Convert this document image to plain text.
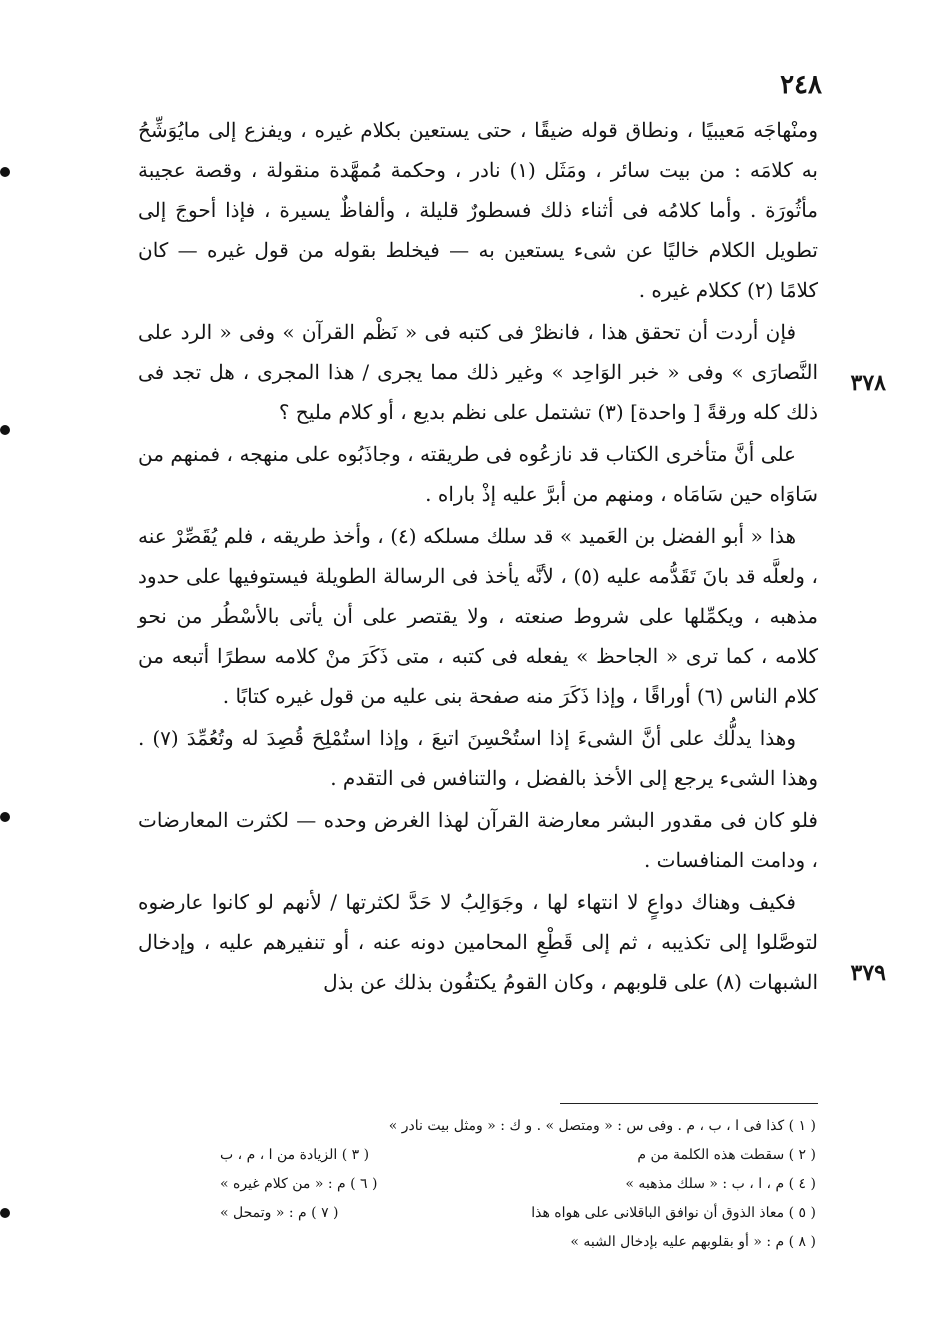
٢٤٨

ومنْهاجَه مَعيبيًا ، ونطاق قوله ضيقًا ، حتى يستعين بكلام غيره ، ويفزع إلى مايُوَشِّحُ به كلامَه : من بيت سائر ، ومَثَل (١) نادر ، وحكمة مُمهَّدة منقولة ، وقصة عجيبة مأثُورَة . وأما كلامُه فى أثناء ذلك فسطورٌ قليلة ، وألفاظٌ يسيرة ، فإذا أحوجَ إلى تطويل الكلام خاليًا عن شىء يستعين به — فيخلط بقوله من قول غيره — كان كلامًا (٢) ككلام غيره .

فإن أردت أن تحقق هذا ، فانظرْ فى كتبه فى « نَظْم القرآن » وفى « الرد على النَّصارَى » وفى « خبر الوَاحِد » وغير ذلك مما يجرى / هذا المجرى ، هل تجد فى ذلك كله ورقةً [ واحدة] (٣) تشتمل على نظم بديع ، أو كلام مليح ؟

على أنَّ متأخرى الكتاب قد نازعُوه فى طريقته ، وجاذَبُوه على منهجه ، فمنهم من سَاوَاه حين سَامَاه ، ومنهم من أبرَّ عليه إذْ باراه .

هذا « أبو الفضل بن العَميد » قد سلك مسلكه (٤) ، وأخذ طريقه ، فلم يُقَصِّرْ عنه ، ولعلَّه قد بانَ تَقَدُّمه عليه (٥) ، لأنَّه يأخذ فى الرسالة الطويلة فيستوفيها على حدود مذهبه ، ويكمِّلها على شروط صنعته ، ولا يقتصر على أن يأتى بالأسْطُر من نحو كلامه ، كما ترى « الجاحظ » يفعله فى كتبه ، متى ذَكَرَ منْ كلامه سطرًا أتبعه من كلام الناس (٦) أوراقًا ، وإذا ذَكَرَ منه صفحة بنى عليه من قول غيره كتابًا .

وهذا يدلُّك على أنَّ الشىءَ إذا استُحْسِنَ اتبعَ ، وإذا استُمْلِحَ قُصِدَ له وتُعُمِّدَ (٧) . وهذا الشىء يرجع إلى الأخذ بالفضل ، والتنافس فى التقدم .

فلو كان فى مقدور البشر معارضة القرآن لهذا الغرض وحده — لكثرت المعارضات ، ودامت المنافسات .

فكيف وهناك دواعٍ لا انتهاء لها ، وجَوَالِبُ لا حَدَّ لكثرتها / لأنهم لو كانوا عارضوه لتوصَّلوا إلى تكذيبه ، ثم إلى قَطْعِ المحامين دونه عنه ، أو تنفيرهم عليه ، وإدخال الشبهات (٨) على قلوبهم ، وكان القومُ يكتفُون بذلك عن بذل

٣٧٨
٣٧٩
( ١ ) كذا فى ا ، ب ، م . وفى س : « ومتصل » . و ك : « ومثل بيت نادر »
( ٢ ) سقطت هذه الكلمة من م
( ٣ ) الزيادة من ا ، م ، ب
( ٤ ) م ، ا ، ب : « سلك مذهبه »
( ٦ ) م : « من كلام غيره »
( ٥ ) معاذ الذوق أن نوافق الباقلانى على هواه هذا
( ٧ ) م : « وتمحل »
( ٨ ) م : « أو بقلوبهم عليه بإدخال الشبه »
